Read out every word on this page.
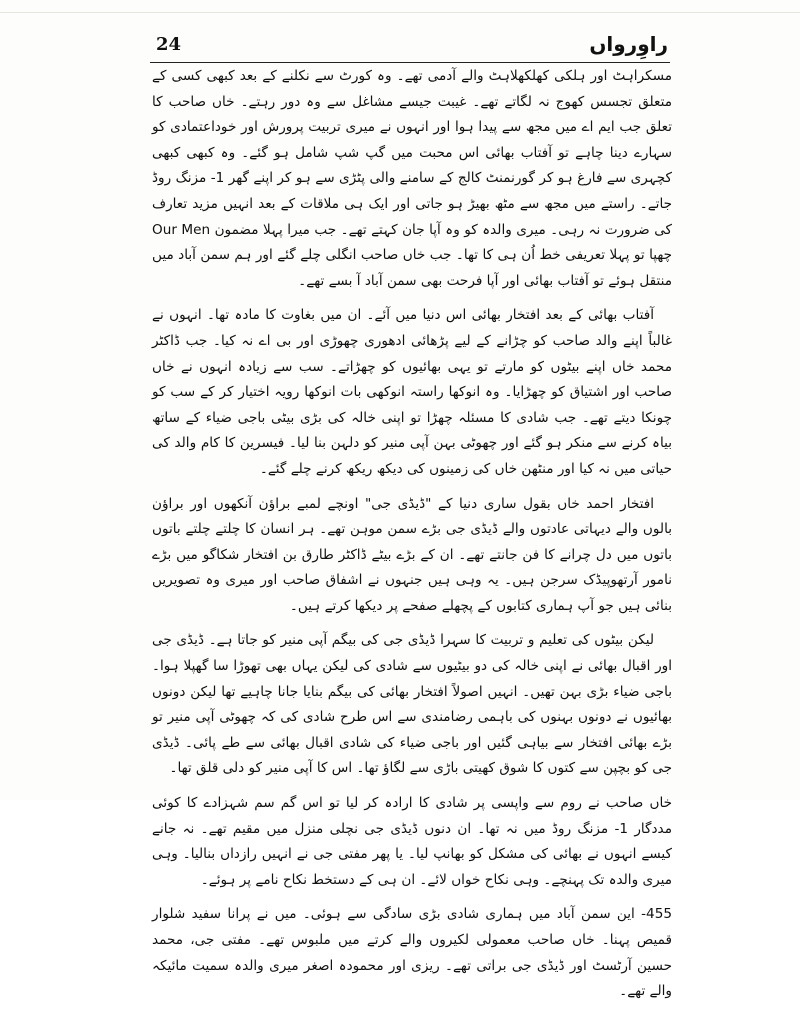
24	راوِرواں

مسکراہٹ اور ہلکی کھلکھلاہٹ والے آدمی تھے۔ وہ کورٹ سے نکلنے کے بعد کبھی کسی کے متعلق تجسس کھوج نہ لگاتے تھے۔ غیبت جیسے مشاغل سے وہ دور رہتے۔ خاں صاحب کا تعلق جب ایم اے میں مجھ سے پیدا ہوا اور انہوں نے میری تربیت پرورش اور خوداعتمادی کو سہارے دینا چاہے تو آفتاب بھائی اس محبت میں گپ شپ شامل ہو گئے۔ وہ کبھی کبھی کچہری سے فارغ ہو کر گورنمنٹ کالج کے سامنے والی پٹڑی سے ہو کر اپنے گھر 1- مزنگ روڈ جاتے۔ راستے میں مجھ سے مٹھ بھیڑ ہو جاتی اور ایک ہی ملاقات کے بعد انہیں مزید تعارف کی ضرورت نہ رہی۔ میری والدہ کو وہ آپا جان کہتے تھے۔ جب میرا پہلا مضمون Our Men چھپا تو پہلا تعریفی خط اُن ہی کا تھا۔ جب خاں صاحب انگلی چلے گئے اور ہم سمن آباد میں منتقل ہوئے تو آفتاب بھائی اور آپا فرحت بھی سمن آباد آ بسے تھے۔

آفتاب بھائی کے بعد افتخار بھائی اس دنیا میں آئے۔ ان میں بغاوت کا مادہ تھا۔ انہوں نے غالباً اپنے والد صاحب کو چڑانے کے لیے پڑھائی ادھوری چھوڑی اور بی اے نہ کیا۔ جب ڈاکٹر محمد خاں اپنے بیٹوں کو مارتے تو یہی بھائیوں کو چھڑاتے۔ سب سے زیادہ انہوں نے خاں صاحب اور اشتیاق کو چھڑایا۔ وہ انوکھا راستہ انوکھی بات انوکھا رویہ اختیار کر کے سب کو چونکا دیتے تھے۔ جب شادی کا مسئلہ چھڑا تو اپنی خالہ کی بڑی بیٹی باجی ضیاء کے ساتھ بیاہ کرنے سے منکر ہو گئے اور چھوٹی بہن آپی منیر کو دلہن بنا لیا۔ فیسرین کا کام والد کی حیاتی میں نہ کیا اور منٹھن خاں کی زمینوں کی دیکھ ریکھ کرنے چلے گئے۔

افتخار احمد خاں بقول ساری دنیا کے "ڈیڈی جی" اونچے لمبے براؤن آنکھوں اور براؤن بالوں والے دیہاتی عادتوں والے ڈیڈی جی بڑے سمن موہن تھے۔ ہر انسان کا چلتے چلتے باتوں باتوں میں دل چرانے کا فن جانتے تھے۔ ان کے بڑے بیٹے ڈاکٹر طارق بن افتخار شکاگو میں بڑے نامور آرتھوپیڈک سرجن ہیں۔ یہ وہی ہیں جنہوں نے اشفاق صاحب اور میری وہ تصویریں بنائی ہیں جو آپ ہماری کتابوں کے پچھلے صفحے پر دیکھا کرتے ہیں۔

لیکن بیٹوں کی تعلیم و تربیت کا سہرا ڈیڈی جی کی بیگم آپی منیر کو جاتا ہے۔ ڈیڈی جی اور اقبال بھائی نے اپنی خالہ کی دو بیٹیوں سے شادی کی لیکن یہاں بھی تھوڑا سا گھپلا ہوا۔ باجی ضیاء بڑی بہن تھیں۔ انہیں اصولاً افتخار بھائی کی بیگم بنایا جانا چاہیے تھا لیکن دونوں بھائیوں نے دونوں بہنوں کی باہمی رضامندی سے اس طرح شادی کی کہ چھوٹی آپی منیر تو بڑے بھائی افتخار سے بیاہی گئیں اور باجی ضیاء کی شادی اقبال بھائی سے طے پائی۔ ڈیڈی جی کو بچپن سے کتوں کا شوق کھیتی باڑی سے لگاؤ تھا۔ اس کا آپی منیر کو دلی قلق تھا۔

خاں صاحب نے روم سے واپسی پر شادی کا ارادہ کر لیا تو اس گم سم شہزادے کا کوئی مددگار 1- مزنگ روڈ میں نہ تھا۔ ان دنوں ڈیڈی جی نچلی منزل میں مقیم تھے۔ نہ جانے کیسے انہوں نے بھائی کی مشکل کو بھانپ لیا۔ یا پھر مفتی جی نے انہیں رازداں بنالیا۔ وہی میری والدہ تک پہنچے۔ وہی نکاح خواں لائے۔ ان ہی کے دستخط نکاح نامے پر ہوئے۔

455- این سمن آباد میں ہماری شادی بڑی سادگی سے ہوئی۔ میں نے پرانا سفید شلوار قمیص پہنا۔ خاں صاحب معمولی لکیروں والے کرتے میں ملبوس تھے۔ مفتی جی، محمد حسین آرٹسٹ اور ڈیڈی جی براتی تھے۔ ریزی اور محمودہ اصغر میری والدہ سمیت مائیکہ والے تھے۔
